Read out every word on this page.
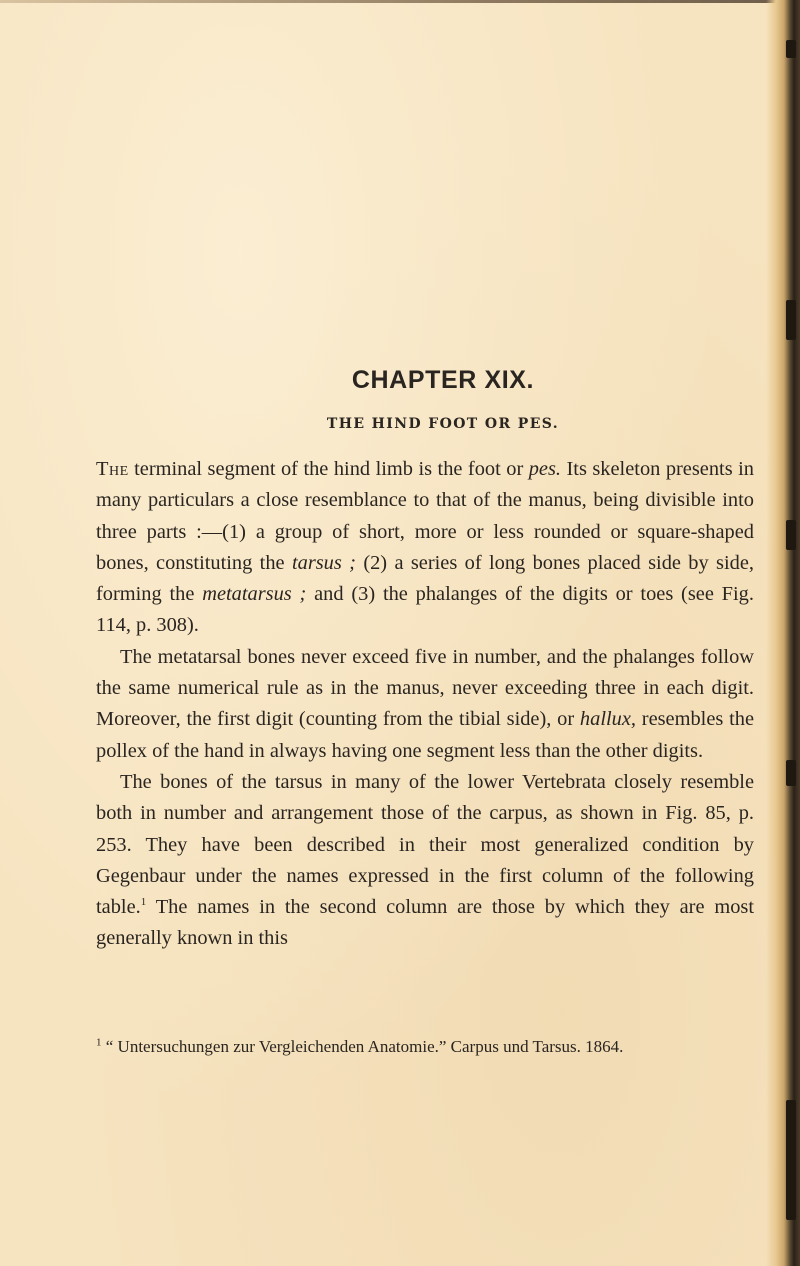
CHAPTER XIX.
THE HIND FOOT OR PES.

The terminal segment of the hind limb is the foot or pes. Its skeleton presents in many particulars a close resemblance to that of the manus, being divisible into three parts :—(1) a group of short, more or less rounded or square-shaped bones, constituting the tarsus ; (2) a series of long bones placed side by side, forming the metatarsus ; and (3) the phalanges of the digits or toes (see Fig. 114, p. 308).

The metatarsal bones never exceed five in number, and the phalanges follow the same numerical rule as in the manus, never exceeding three in each digit. Moreover, the first digit (counting from the tibial side), or hallux, resembles the pollex of the hand in always having one segment less than the other digits.

The bones of the tarsus in many of the lower Vertebrata closely resemble both in number and arrangement those of the carpus, as shown in Fig. 85, p. 253. They have been described in their most generalized condition by Gegenbaur under the names expressed in the first column of the following table.$^1$ The names in the second column are those by which they are most generally known in this

$^1$ “ Untersuchungen zur Vergleichenden Anatomie.” Carpus und Tarsus. 1864.
